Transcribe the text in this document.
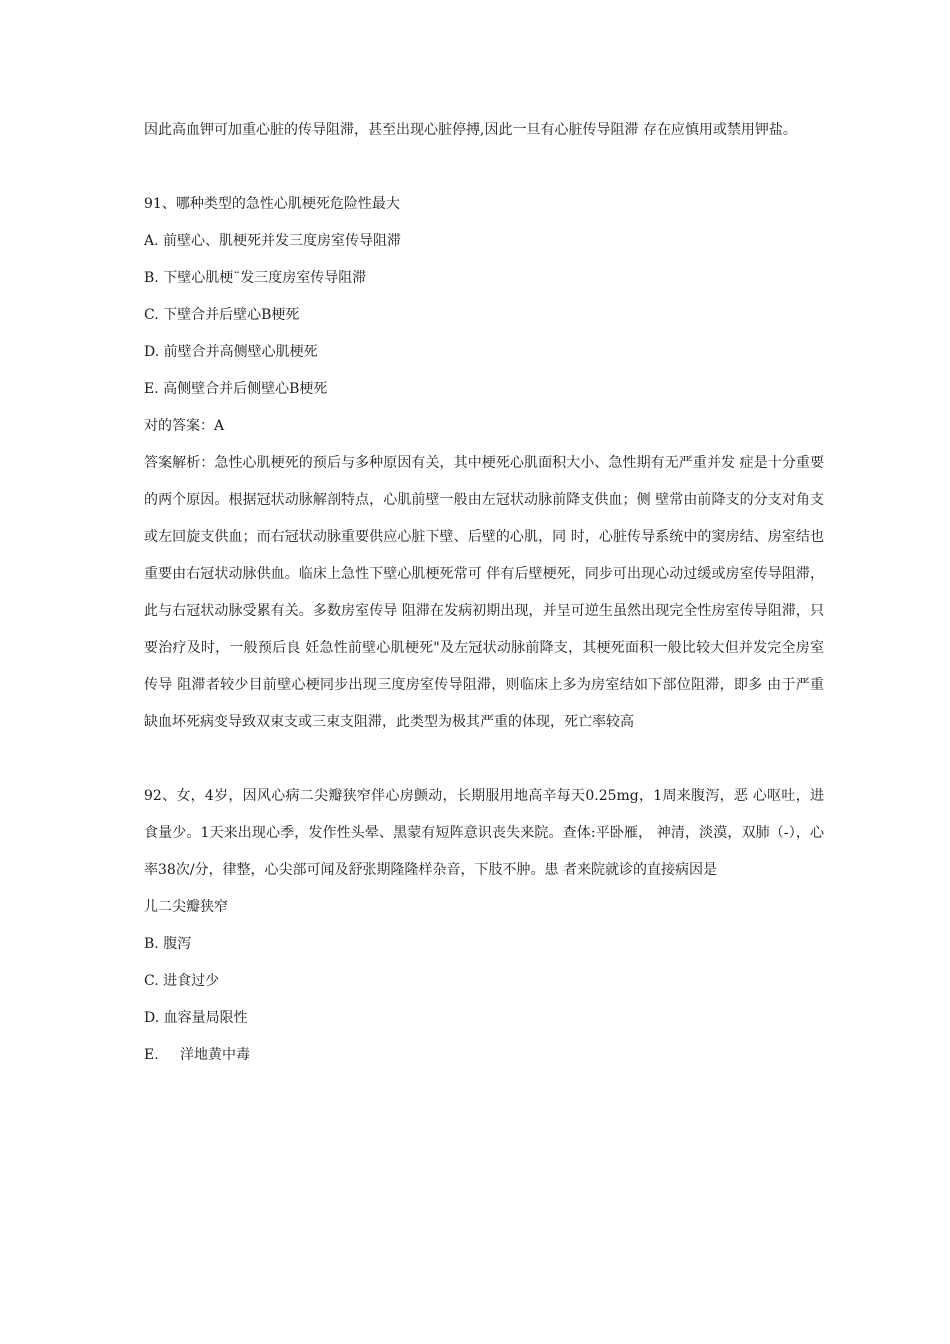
因此高血钾可加重心脏的传导阻滞，甚至出现心脏停搏,因此一旦有心脏传导阻滞 存在应慎用或禁用钾盐。

91、哪种类型的急性心肌梗死危险性最大

A. 前壁心、肌梗死并发三度房室传导阻滞

B. 下壁心肌梗¨发三度房室传导阻滞

C. 下壁合并后壁心B梗死

D. 前壁合并高侧壁心肌梗死

E. 高侧壁合并后侧壁心B梗死

对的答案：A

答案解析：急性心肌梗死的预后与多种原因有关，其中梗死心肌面积大小、急性期有无严重并发 症是十分重要的两个原因。根据冠状动脉解剖特点，心肌前壁一般由左冠状动脉前降支供血；侧 壁常由前降支的分支对角支或左回旋支供血；而右冠状动脉重要供应心脏下壁、后壁的心肌，同 时，心脏传导系统中的窦房结、房室结也重要由右冠状动脉供血。临床上急性下壁心肌梗死常可 伴有后壁梗死，同步可出现心动过缓或房室传导阻滞，此与右冠状动脉受累有关。多数房室传导 阻滞在发病初期出现，并呈可逆生虽然出现完全性房室传导阻滞，只要治疗及时，一般预后良 妊急性前壁心肌梗死"及左冠状动脉前降支，其梗死面积一般比较大但并发完全房室传导 阻滞者较少目前壁心梗同步出现三度房室传导阻滞，则临床上多为房室结如下部位阻滞，即多 由于严重缺血坏死病变导致双束支或三束支阻滞，此类型为极其严重的体现，死亡率较高

92、女，4岁，因风心病二尖瓣狭窄伴心房颤动，长期服用地高辛每天0.25mg，1周来腹泻，恶 心呕吐，进食量少。1天来出现心季，发作性头晕、黑蒙有短阵意识丧失来院。查体:平卧雁， 神清，淡漠，双肺（-），心率38次/分，律整，心尖部可闻及舒张期隆隆样杂音，下肢不肿。患 者来院就诊的直接病因是

儿二尖瓣狭窄

B. 腹泻

C. 进食过少

D. 血容量局限性

E. 洋地黄中毒
